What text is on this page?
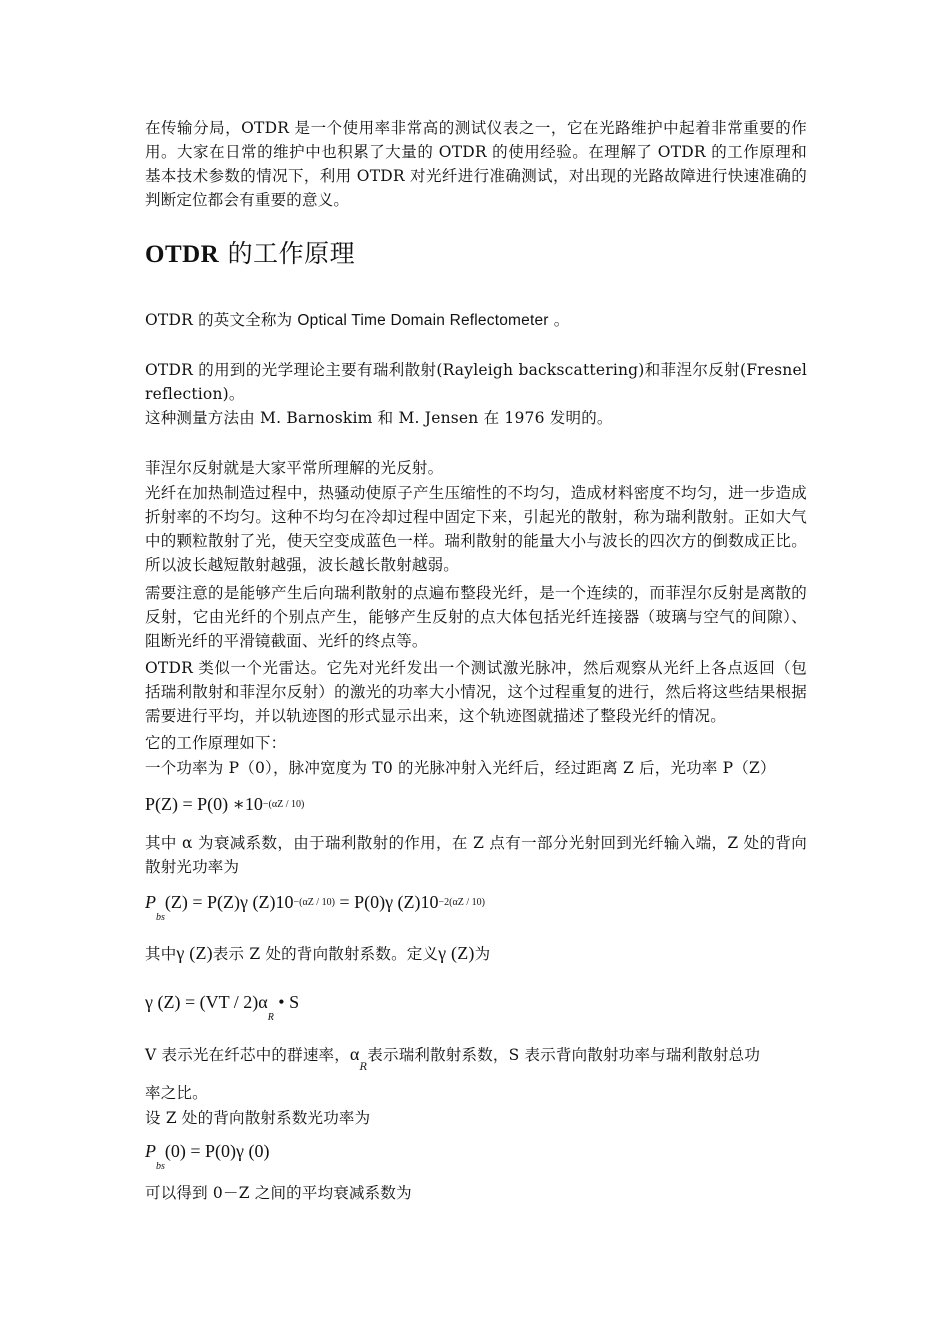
在传输分局，OTDR 是一个使用率非常高的测试仪表之一，它在光路维护中起着非常重要的作用。大家在日常的维护中也积累了大量的 OTDR 的使用经验。在理解了 OTDR 的工作原理和基本技术参数的情况下，利用 OTDR 对光纤进行准确测试，对出现的光路故障进行快速准确的判断定位都会有重要的意义。
OTDR 的工作原理
OTDR 的英文全称为 Optical Time Domain Reflectometer 。
OTDR 的用到的光学理论主要有瑞利散射(Rayleigh backscattering)和菲涅尔反射(Fresnel reflection)。
这种测量方法由 M. Barnoskim 和 M. Jensen 在 1976 发明的。
菲涅尔反射就是大家平常所理解的光反射。
光纤在加热制造过程中，热骚动使原子产生压缩性的不均匀，造成材料密度不均匀，进一步造成折射率的不均匀。这种不均匀在冷却过程中固定下来，引起光的散射，称为瑞利散射。正如大气中的颗粒散射了光，使天空变成蓝色一样。瑞利散射的能量大小与波长的四次方的倒数成正比。所以波长越短散射越强，波长越长散射越弱。
需要注意的是能够产生后向瑞利散射的点遍布整段光纤，是一个连续的，而菲涅尔反射是离散的反射，它由光纤的个别点产生，能够产生反射的点大体包括光纤连接器（玻璃与空气的间隙）、阻断光纤的平滑镜截面、光纤的终点等。
OTDR 类似一个光雷达。它先对光纤发出一个测试激光脉冲，然后观察从光纤上各点返回（包括瑞利散射和菲涅尔反射）的激光的功率大小情况，这个过程重复的进行，然后将这些结果根据需要进行平均，并以轨迹图的形式显示出来，这个轨迹图就描述了整段光纤的情况。
它的工作原理如下：
一个功率为 P（0），脉冲宽度为 T0 的光脉冲射入光纤后，经过距离 Z 后，光功率 P（Z）
P(Z) = P(0) ∗10−(αZ / 10)
其中 α 为衰减系数，由于瑞利散射的作用，在 Z 点有一部分光射回到光纤输入端，Z 处的背向散射光功率为
$P_{bs}(Z) = P(Z)\gamma$ (Z)10−(αZ / 10) = P(0)γ (Z)10−2(αZ / 10)
其中γ (Z)表示 Z 处的背向散射系数。定义γ (Z)为
γ $(Z) = (VT / 2)\alpha_R$ • S
V 表示光在纤芯中的群速率，$\alpha_R$表示瑞利散射系数，S 表示背向散射功率与瑞利散射总功
率之比。
设 Z 处的背向散射系数光功率为
$P_{bs}(0) = P(0)\gamma$ (0)
可以得到 0－Z 之间的平均衰减系数为
